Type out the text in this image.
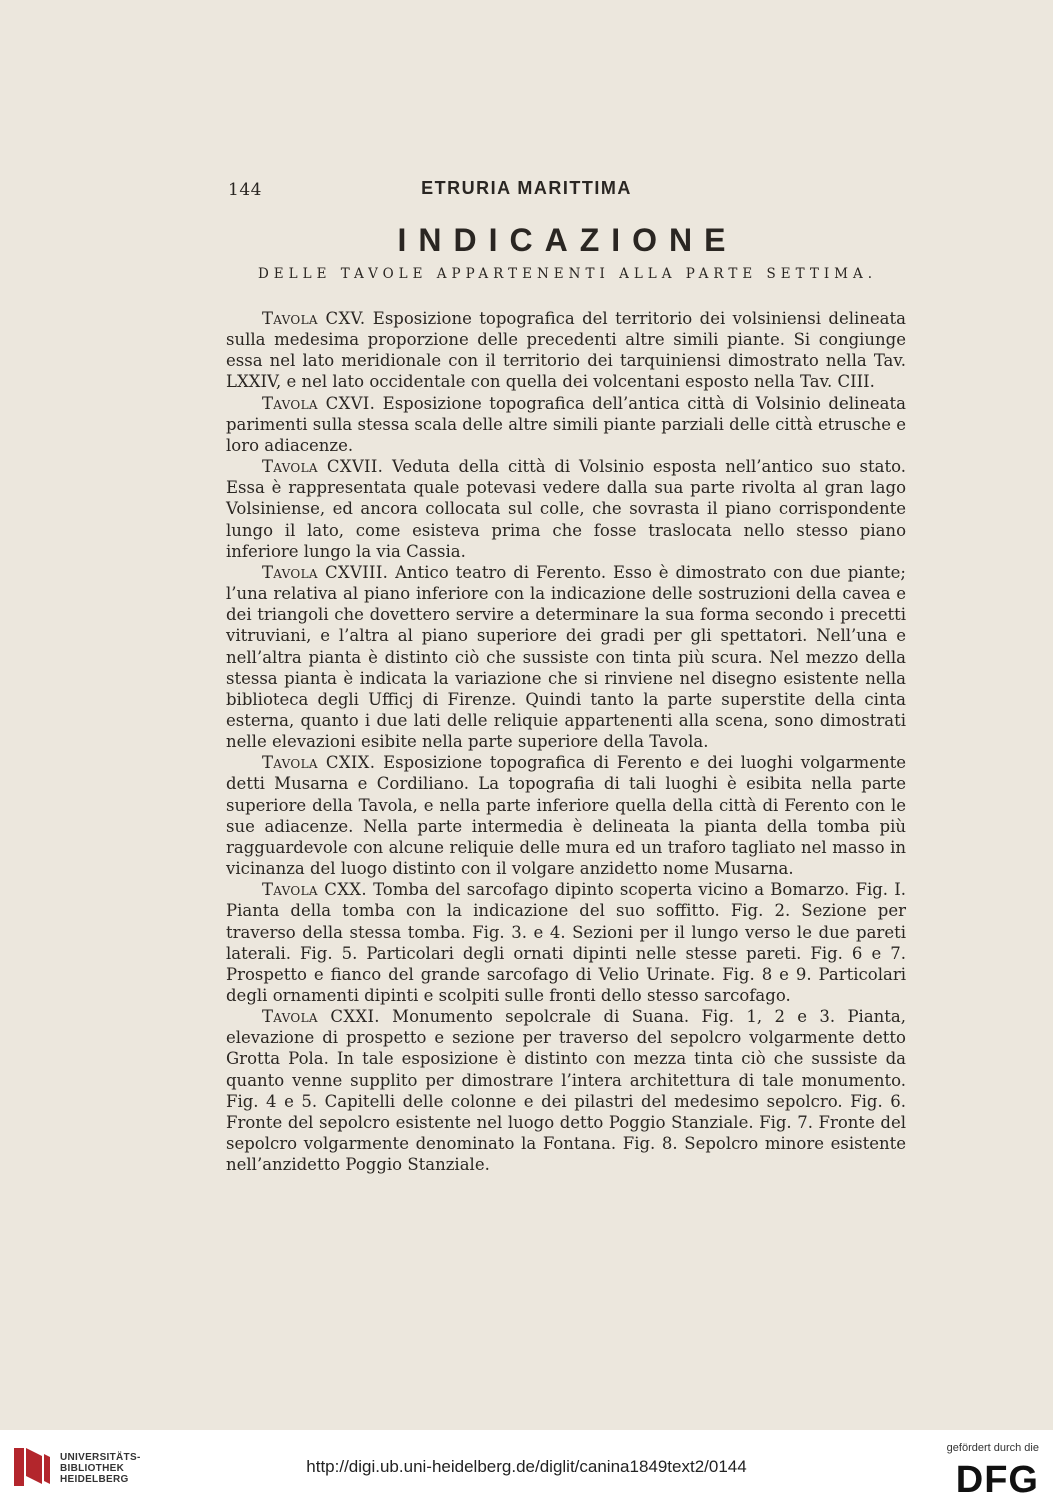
144	ETRURIA MARITTIMA
INDICAZIONE
DELLE TAVOLE APPARTENENTI ALLA PARTE SETTIMA.

Tavola CXV. Esposizione topografica del territorio dei volsiniensi delineata sulla medesima proporzione delle precedenti altre simili piante. Si congiunge essa nel lato meridionale con il territorio dei tarquiniensi dimostrato nella Tav. LXXIV, e nel lato occidentale con quella dei volcentani esposto nella Tav. CIII.

Tavola CXVI. Esposizione topografica dell’antica città di Volsinio delineata parimenti sulla stessa scala delle altre simili piante parziali delle città etrusche e loro adiacenze.

Tavola CXVII. Veduta della città di Volsinio esposta nell’antico suo stato. Essa è rappresentata quale potevasi vedere dalla sua parte rivolta al gran lago Volsiniense, ed ancora collocata sul colle, che sovrasta il piano corrispondente lungo il lato, come esisteva prima che fosse traslocata nello stesso piano inferiore lungo la via Cassia.

Tavola CXVIII. Antico teatro di Ferento. Esso è dimostrato con due piante; l’una relativa al piano inferiore con la indicazione delle sostruzioni della cavea e dei triangoli che dovettero servire a determinare la sua forma secondo i precetti vitruviani, e l’altra al piano superiore dei gradi per gli spettatori. Nell’una e nell’altra pianta è distinto ciò che sussiste con tinta più scura. Nel mezzo della stessa pianta è indicata la variazione che si rinviene nel disegno esistente nella biblioteca degli Ufficj di Firenze. Quindi tanto la parte superstite della cinta esterna, quanto i due lati delle reliquie appartenenti alla scena, sono dimostrati nelle elevazioni esibite nella parte superiore della Tavola.

Tavola CXIX. Esposizione topografica di Ferento e dei luoghi volgarmente detti Musarna e Cordiliano. La topografia di tali luoghi è esibita nella parte superiore della Tavola, e nella parte inferiore quella della città di Ferento con le sue adiacenze. Nella parte intermedia è delineata la pianta della tomba più ragguardevole con alcune reliquie delle mura ed un traforo tagliato nel masso in vicinanza del luogo distinto con il volgare anzidetto nome Musarna.

Tavola CXX. Tomba del sarcofago dipinto scoperta vicino a Bomarzo. Fig. I. Pianta della tomba con la indicazione del suo soffitto. Fig. 2. Sezione per traverso della stessa tomba. Fig. 3. e 4. Sezioni per il lungo verso le due pareti laterali. Fig. 5. Particolari degli ornati dipinti nelle stesse pareti. Fig. 6 e 7. Prospetto e fianco del grande sarcofago di Velio Urinate. Fig. 8 e 9. Particolari degli ornamenti dipinti e scolpiti sulle fronti dello stesso sarcofago.

Tavola CXXI. Monumento sepolcrale di Suana. Fig. 1, 2 e 3. Pianta, elevazione di prospetto e sezione per traverso del sepolcro volgarmente detto Grotta Pola. In tale esposizione è distinto con mezza tinta ciò che sussiste da quanto venne supplito per dimostrare l’intera architettura di tale monumento. Fig. 4 e 5. Capitelli delle colonne e dei pilastri del medesimo sepolcro. Fig. 6. Fronte del sepolcro esistente nel luogo detto Poggio Stanziale. Fig. 7. Fronte del sepolcro volgarmente denominato la Fontana. Fig. 8. Sepolcro minore esistente nell’anzidetto Poggio Stanziale.

UNIVERSITÄTS-
BIBLIOTHEK
HEIDELBERG
http://digi.ub.uni-heidelberg.de/diglit/canina1849text2/0144
gefördert durch die
DFG
